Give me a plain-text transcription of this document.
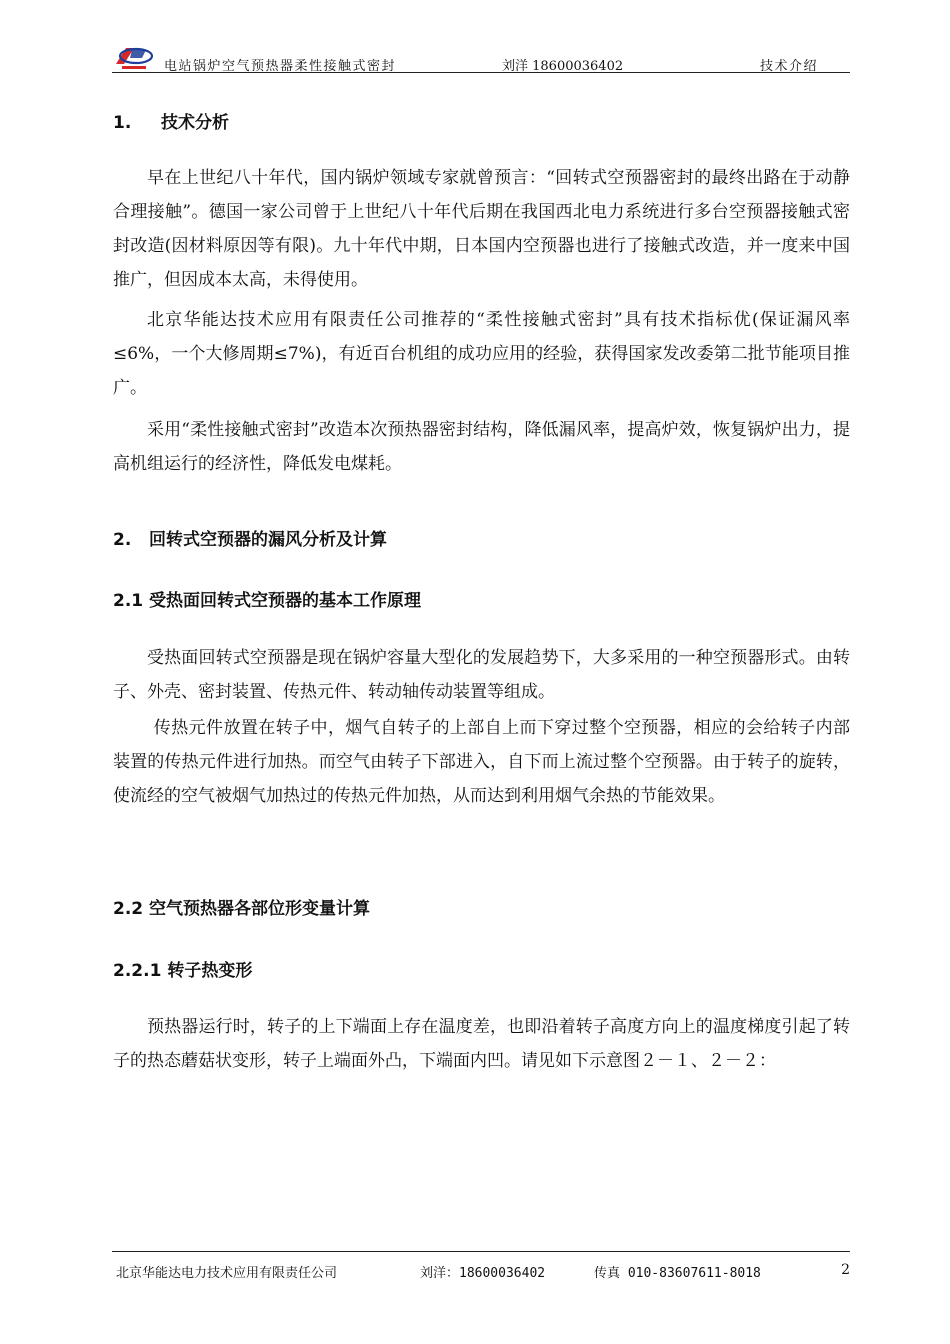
电站锅炉空气预热器柔性接触式密封	刘洋 18600036402	技术介绍
1. 技术分析

早在上世纪八十年代，国内锅炉领域专家就曾预言：“回转式空预器密封的最终出路在于动静合理接触”。德国一家公司曾于上世纪八十年代后期在我国西北电力系统进行多台空预器接触式密封改造(因材料原因等有限)。九十年代中期，日本国内空预器也进行了接触式改造，并一度来中国推广，但因成本太高，未得使用。

北京华能达技术应用有限责任公司推荐的“柔性接触式密封”具有技术指标优(保证漏风率≤6%，一个大修周期≤7%)，有近百台机组的成功应用的经验，获得国家发改委第二批节能项目推广。

采用“柔性接触式密封”改造本次预热器密封结构，降低漏风率，提高炉效，恢复锅炉出力，提高机组运行的经济性，降低发电煤耗。

2. 回转式空预器的漏风分析及计算
2.1 受热面回转式空预器的基本工作原理

受热面回转式空预器是现在锅炉容量大型化的发展趋势下，大多采用的一种空预器形式。由转子、外壳、密封装置、传热元件、转动轴传动装置等组成。

传热元件放置在转子中，烟气自转子的上部自上而下穿过整个空预器，相应的会给转子内部装置的传热元件进行加热。而空气由转子下部进入，自下而上流过整个空预器。由于转子的旋转，使流经的空气被烟气加热过的传热元件加热，从而达到利用烟气余热的节能效果。

2.2 空气预热器各部位形变量计算
2.2.1 转子热变形

预热器运行时，转子的上下端面上存在温度差，也即沿着转子高度方向上的温度梯度引起了转子的热态蘑菇状变形，转子上端面外凸，下端面内凹。请见如下示意图２－１、２－２：

北京华能达电力技术应用有限责任公司	刘洋：18600036402	传真 010-83607611-8018	2
